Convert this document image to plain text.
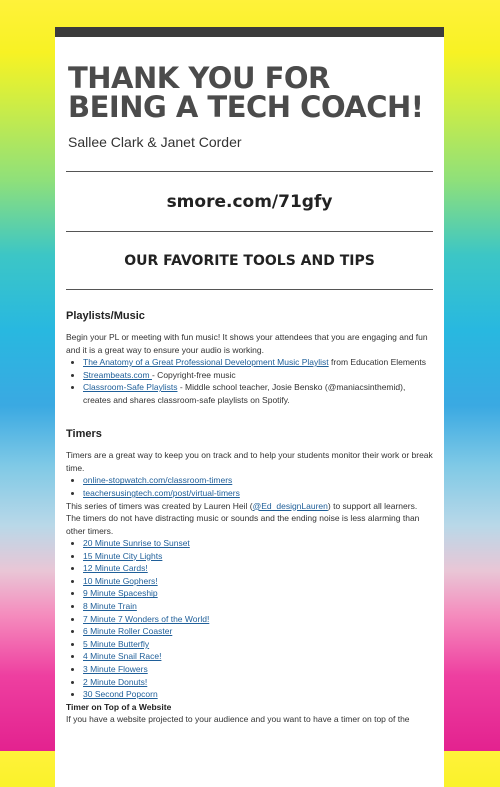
THANK YOU FOR BEING A TECH COACH!
Sallee Clark & Janet Corder
smore.com/71gfy
OUR FAVORITE TOOLS AND TIPS
Playlists/Music

Begin your PL or meeting with fun music! It shows your attendees that you are engaging and fun and it is a great way to ensure your audio is working.

• The Anatomy of a Great Professional Development Music Playlist from Education Elements
• Streambeats.com - Copyright-free music
• Classroom-Safe Playlists - Middle school teacher, Josie Bensko (@maniacsinthemid), creates and shares classroom-safe playlists on Spotify.
Timers

Timers are a great way to keep you on track and to help your students monitor their work or break time.

• online-stopwatch.com/classroom-timers
• teachersusingtech.com/post/virtual-timers

This series of timers was created by Lauren Heil (@Ed_designLauren) to support all learners. The timers do not have distracting music or sounds and the ending noise is less alarming than other timers.

• 20 Minute Sunrise to Sunset
• 15 Minute City Lights
• 12 Minute Cards!
• 10 Minute Gophers!
• 9 Minute Spaceship
• 8 Minute Train
• 7 Minute 7 Wonders of the World!
• 6 Minute Roller Coaster
• 5 Minute Butterfly
• 4 Minute Snail Race!
• 3 Minute Flowers
• 2 Minute Donuts!
• 30 Second Popcorn
Timer on Top of a Website

If you have a website projected to your audience and you want to have a timer on top of the
